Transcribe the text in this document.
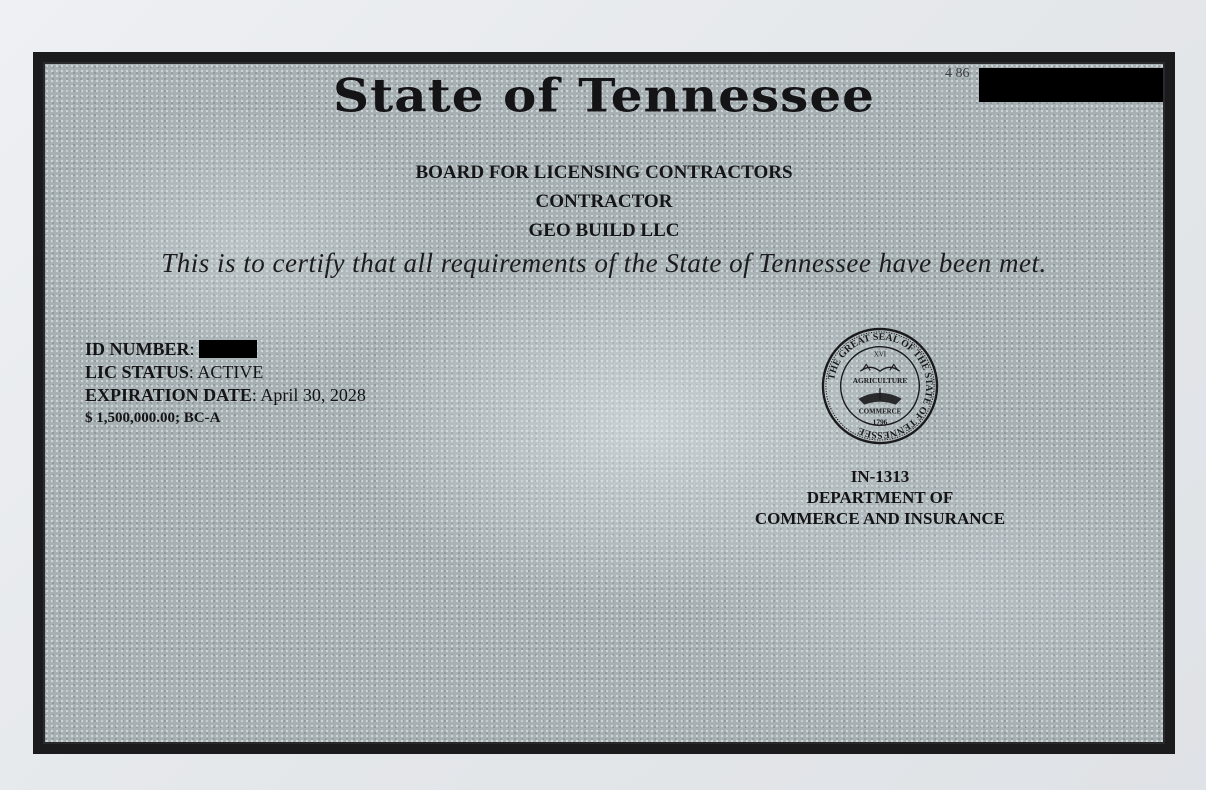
State of Tennessee	4 86
BOARD FOR LICENSING CONTRACTORS
CONTRACTOR
GEO BUILD LLC
This is to certify that all requirements of the State of Tennessee have been met.
ID NUMBER:
LIC STATUS: ACTIVE
EXPIRATION DATE: April 30, 2028
$ 1,500,000.00; BC-A
THE GREAT SEAL OF THE STATE OF TENNESSEE
XVI
AGRICULTURE
COMMERCE
1796
IN-1313
DEPARTMENT OF
COMMERCE AND INSURANCE
